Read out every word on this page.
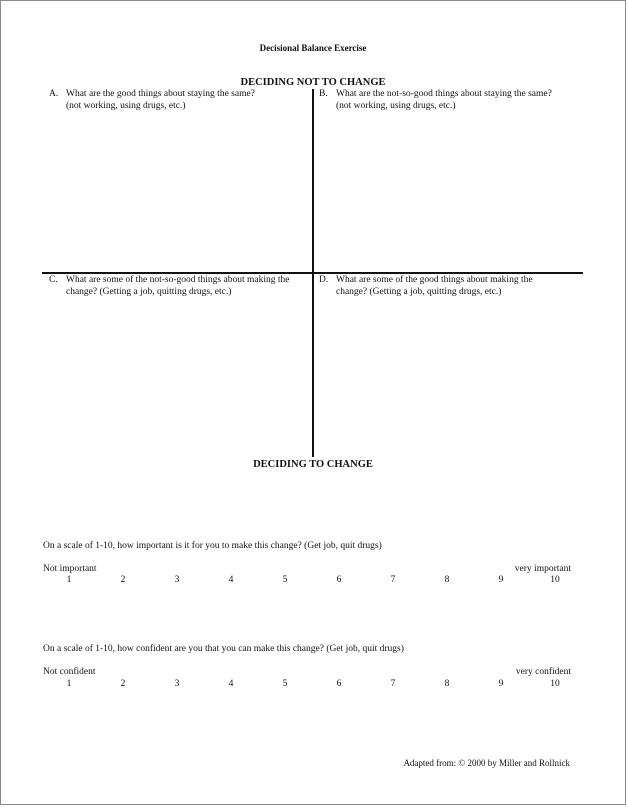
Decisional Balance Exercise
DECIDING NOT TO CHANGE
A. What are the good things about staying the same?
(not working, using drugs, etc.)
B. What are the not-so-good things about staying the same?
(not working, using drugs, etc.)
C. What are some of the not-so-good things about making the
change? (Getting a job, quitting drugs, etc.)
D. What are some of the good things about making the
change? (Getting a job, quitting drugs, etc.)
DECIDING TO CHANGE
On a scale of 1-10, how important is it for you to make this change? (Get job, quit drugs)
Not important	very important
1	2	3	4	5	6	7	8	9	10
On a scale of 1-10, how confident are you that you can make this change? (Get job, quit drugs)
Not confident	very confident
1	2	3	4	5	6	7	8	9	10
Adapted from: © 2000 by Miller and Rollnick
